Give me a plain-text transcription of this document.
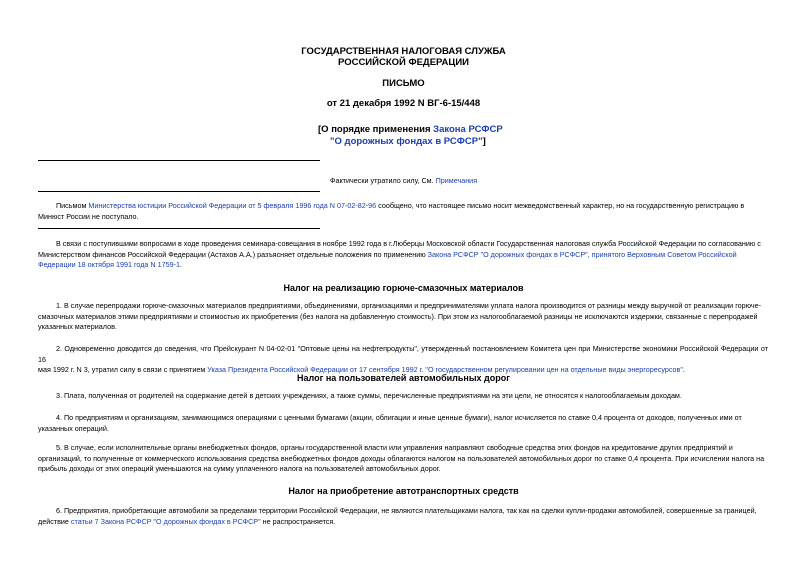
ГОСУДАРСТВЕННАЯ НАЛОГОВАЯ СЛУЖБА
РОССИЙСКОЙ ФЕДЕРАЦИИ
ПИСЬМО
от 21 декабря 1992 N ВГ-6-15/448
[О порядке применения Закона РСФСР
"О дорожных фондах в РСФСР"]
Фактически утратило силу, См. Примечания
Письмом Министерства юстиции Российской Федерации от 5 февраля 1996 года N 07-02-82-96 сообщено, что настоящее письмо носит межведомственный характер, но на государственную регистрацию в
Минюст России не поступало.
В связи с поступившими вопросами в ходе проведения семинара-совещания в ноябре 1992 года в г.Люберцы Московской области Государственная налоговая служба Российской Федерации по согласованию с
Министерством финансов Российской Федерации (Астахов А.А.) разъясняет отдельные положения по применению Закона РСФСР "О дорожных фондах в РСФСР", принятого Верховным Советом Российской
Федерации 18 октября 1991 года N 1759-1.
Налог на реализацию горюче-смазочных материалов
1. В случае перепродажи горюче-смазочных материалов предприятиями, объединениями, организациями и предпринимателями уплата налога производится от разницы между выручкой от реализации горюче-
смазочных материалов этими предприятиями и стоимостью их приобретения (без налога на добавленную стоимость). При этом из налогооблагаемой разницы не исключаются издержки, связанные с перепродажей
указанных материалов.
2. Одновременно доводится до сведения, что Прейскурант N 04-02-01 "Оптовые цены на нефтепродукты", утвержденный постановлением Комитета цен при Министерстве экономики Российской Федерации от 16
мая 1992 г. N 3, утратил силу в связи с принятием Указа Президента Российской Федерации от 17 сентября 1992 г. "О государственном регулировании цен на отдельные виды энергоресурсов".
Налог на пользователей автомобильных дорог
3. Плата, полученная от родителей на содержание детей в детских учреждениях, а также суммы, перечисленные предприятиями на эти цели, не относятся к налогооблагаемым доходам.
4. По предприятиям и организациям, занимающимся операциями с ценными бумагами (акции, облигации и иные ценные бумаги), налог исчисляется по ставке 0,4 процента от доходов, полученных ими от
указанных операций.
5. В случае, если исполнительные органы внебюджетных фондов, органы государственной власти или управления направляют свободные средства этих фондов на кредитование других предприятий и
организаций, то полученные от коммерческого использования средства внебюджетных фондов доходы облагаются налогом на пользователей автомобильных дорог по ставке 0,4 процента. При исчислении налога на
прибыль доходы от этих операций уменьшаются на сумму уплаченного налога на пользователей автомобильных дорог.
Налог на приобретение автотранспортных средств
6. Предприятия, приобретающие автомобили за пределами территории Российской Федерации, не являются плательщиками налога, так как на сделки купли-продажи автомобилей, совершенные за границей,
действие статьи 7 Закона РСФСР "О дорожных фондах в РСФСР" не распространяется.
